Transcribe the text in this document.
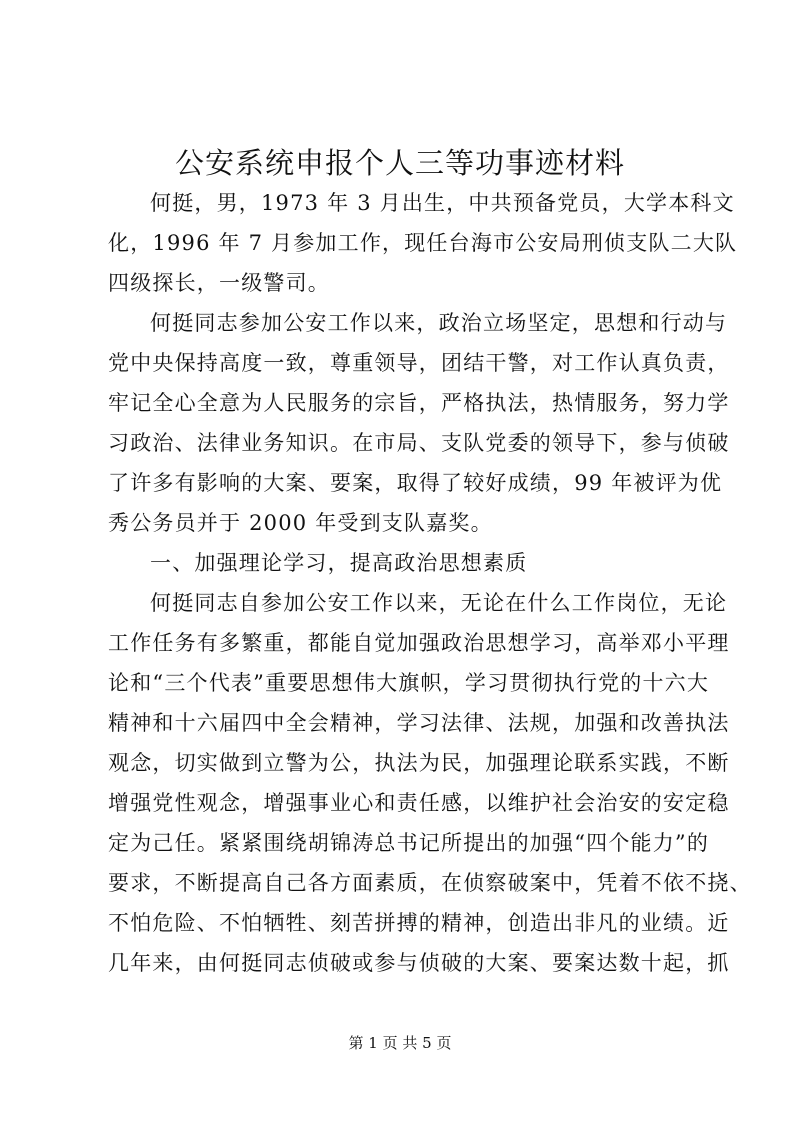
公安系统申报个人三等功事迹材料
何挺，男，1973 年 3 月出生，中共预备党员，大学本科文
化，1996 年 7 月参加工作，现任台海市公安局刑侦支队二大队
四级探长，一级警司。
何挺同志参加公安工作以来，政治立场坚定，思想和行动与
党中央保持高度一致，尊重领导，团结干警，对工作认真负责，
牢记全心全意为人民服务的宗旨，严格执法，热情服务，努力学
习政治、法律业务知识。在市局、支队党委的领导下，参与侦破
了许多有影响的大案、要案，取得了较好成绩，99 年被评为优
秀公务员并于 2000 年受到支队嘉奖。
一、加强理论学习，提高政治思想素质
何挺同志自参加公安工作以来，无论在什么工作岗位，无论
工作任务有多繁重，都能自觉加强政治思想学习，高举邓小平理
论和“三个代表”重要思想伟大旗帜，学习贯彻执行党的十六大
精神和十六届四中全会精神，学习法律、法规，加强和改善执法
观念，切实做到立警为公，执法为民，加强理论联系实践，不断
增强党性观念，增强事业心和责任感，以维护社会治安的安定稳
定为己任。紧紧围绕胡锦涛总书记所提出的加强“四个能力”的
要求，不断提高自己各方面素质，在侦察破案中，凭着不依不挠、
不怕危险、不怕牺牲、刻苦拼搏的精神，创造出非凡的业绩。近
几年来，由何挺同志侦破或参与侦破的大案、要案达数十起，抓
第 1 页 共 5 页
